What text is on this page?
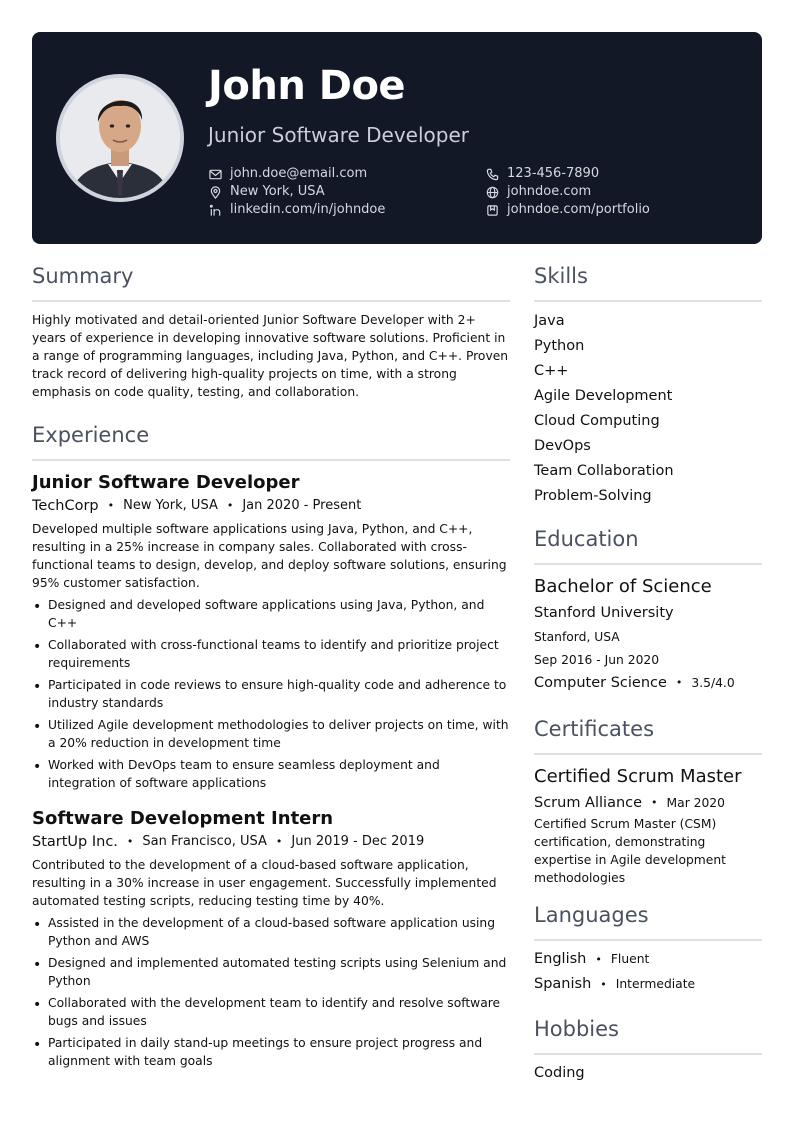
John Doe

Junior Software Developer

john.doe@email.com	123-456-7890
New York, USA	johndoe.com
linkedin.com/in/johndoe	johndoe.com/portfolio
Summary

Highly motivated and detail-oriented Junior Software Developer with 2+ years of experience in developing innovative software solutions. Proficient in a range of programming languages, including Java, Python, and C++. Proven track record of delivering high-quality projects on time, with a strong emphasis on code quality, testing, and collaboration.

Experience
Junior Software Developer

TechCorp • New York, USA • Jan 2020 - Present

Developed multiple software applications using Java, Python, and C++, resulting in a 25% increase in company sales. Collaborated with cross-functional teams to design, develop, and deploy software solutions, ensuring 95% customer satisfaction.

• Designed and developed software applications using Java, Python, and C++
• Collaborated with cross-functional teams to identify and prioritize project requirements
• Participated in code reviews to ensure high-quality code and adherence to industry standards
• Utilized Agile development methodologies to deliver projects on time, with a 20% reduction in development time
• Worked with DevOps team to ensure seamless deployment and integration of software applications
Software Development Intern

StartUp Inc. • San Francisco, USA • Jun 2019 - Dec 2019

Contributed to the development of a cloud-based software application, resulting in a 30% increase in user engagement. Successfully implemented automated testing scripts, reducing testing time by 40%.

• Assisted in the development of a cloud-based software application using Python and AWS
• Designed and implemented automated testing scripts using Selenium and Python
• Collaborated with the development team to identify and resolve software bugs and issues
• Participated in daily stand-up meetings to ensure project progress and alignment with team goals
Skills

Java

Python

C++

Agile Development

Cloud Computing

DevOps

Team Collaboration

Problem-Solving

Education

Bachelor of Science

Stanford University

Stanford, USA

Sep 2016 - Jun 2020

Computer Science • 3.5/4.0

Certificates

Certified Scrum Master

Scrum Alliance • Mar 2020

Certified Scrum Master (CSM) certification, demonstrating expertise in Agile development methodologies

Languages

English • Fluent

Spanish • Intermediate

Hobbies

Coding
